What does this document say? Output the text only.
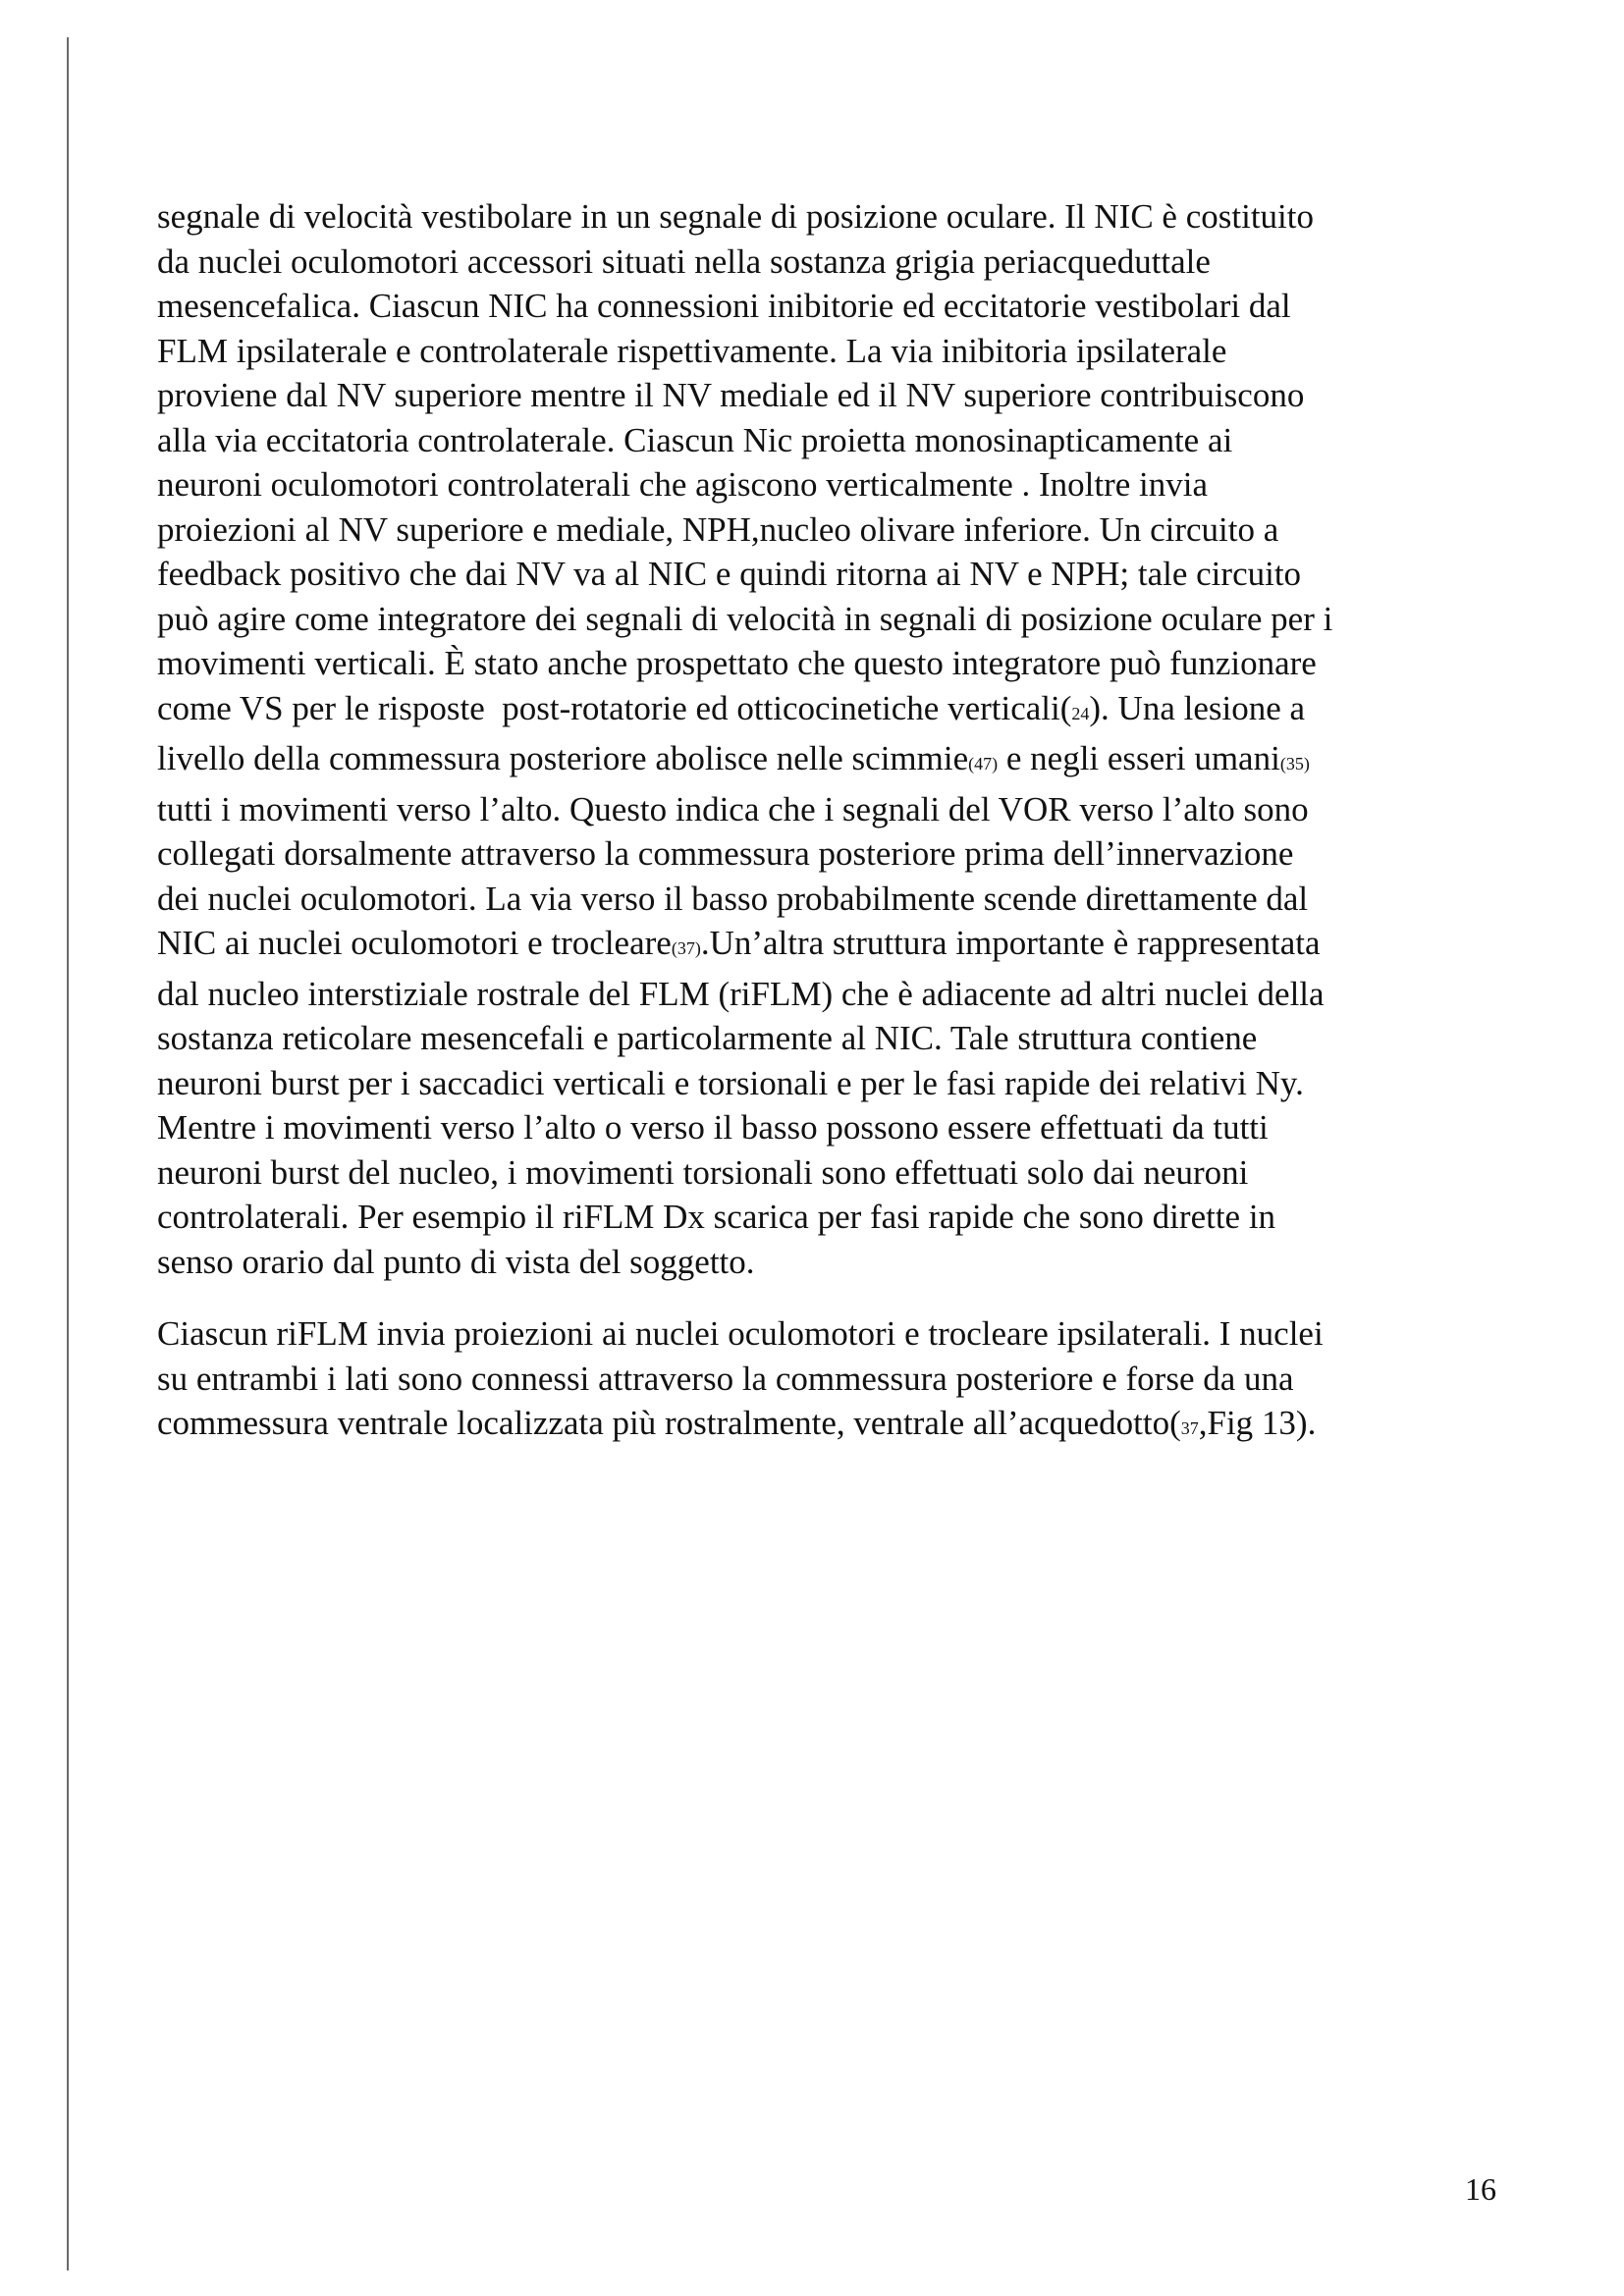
segnale di velocità vestibolare in un segnale di posizione oculare. Il NIC è costituito
da nuclei oculomotori accessori situati nella sostanza grigia periacqueduttale
mesencefalica. Ciascun NIC ha connessioni inibitorie ed eccitatorie vestibolari dal
FLM ipsilaterale e controlaterale rispettivamente. La via inibitoria ipsilaterale
proviene dal NV superiore mentre il NV mediale ed il NV superiore contribuiscono
alla via eccitatoria controlaterale. Ciascun Nic proietta monosinapticamente ai
neuroni oculomotori controlaterali che agiscono verticalmente . Inoltre invia
proiezioni al NV superiore e mediale, NPH,nucleo olivare inferiore. Un circuito a
feedback positivo che dai NV va al NIC e quindi ritorna ai NV e NPH; tale circuito
può agire come integratore dei segnali di velocità in segnali di posizione oculare per i
movimenti verticali. È stato anche prospettato che questo integratore può funzionare
come VS per le risposte  post-rotatorie ed otticocinetiche verticali(24). Una lesione a
livello della commessura posteriore abolisce nelle scimmie(47) e negli esseri umani(35)
tutti i movimenti verso l’alto. Questo indica che i segnali del VOR verso l’alto sono
collegati dorsalmente attraverso la commessura posteriore prima dell’innervazione
dei nuclei oculomotori. La via verso il basso probabilmente scende direttamente dal
NIC ai nuclei oculomotori e trocleare(37).Un’altra struttura importante è rappresentata
dal nucleo interstiziale rostrale del FLM (riFLM) che è adiacente ad altri nuclei della
sostanza reticolare mesencefali e particolarmente al NIC. Tale struttura contiene
neuroni burst per i saccadici verticali e torsionali e per le fasi rapide dei relativi Ny.
Mentre i movimenti verso l’alto o verso il basso possono essere effettuati da tutti
neuroni burst del nucleo, i movimenti torsionali sono effettuati solo dai neuroni
controlaterali. Per esempio il riFLM Dx scarica per fasi rapide che sono dirette in
senso orario dal punto di vista del soggetto.
Ciascun riFLM invia proiezioni ai nuclei oculomotori e trocleare ipsilaterali. I nuclei
su entrambi i lati sono connessi attraverso la commessura posteriore e forse da una
commessura ventrale localizzata più rostralmente, ventrale all’acquedotto(37,Fig 13).
16
